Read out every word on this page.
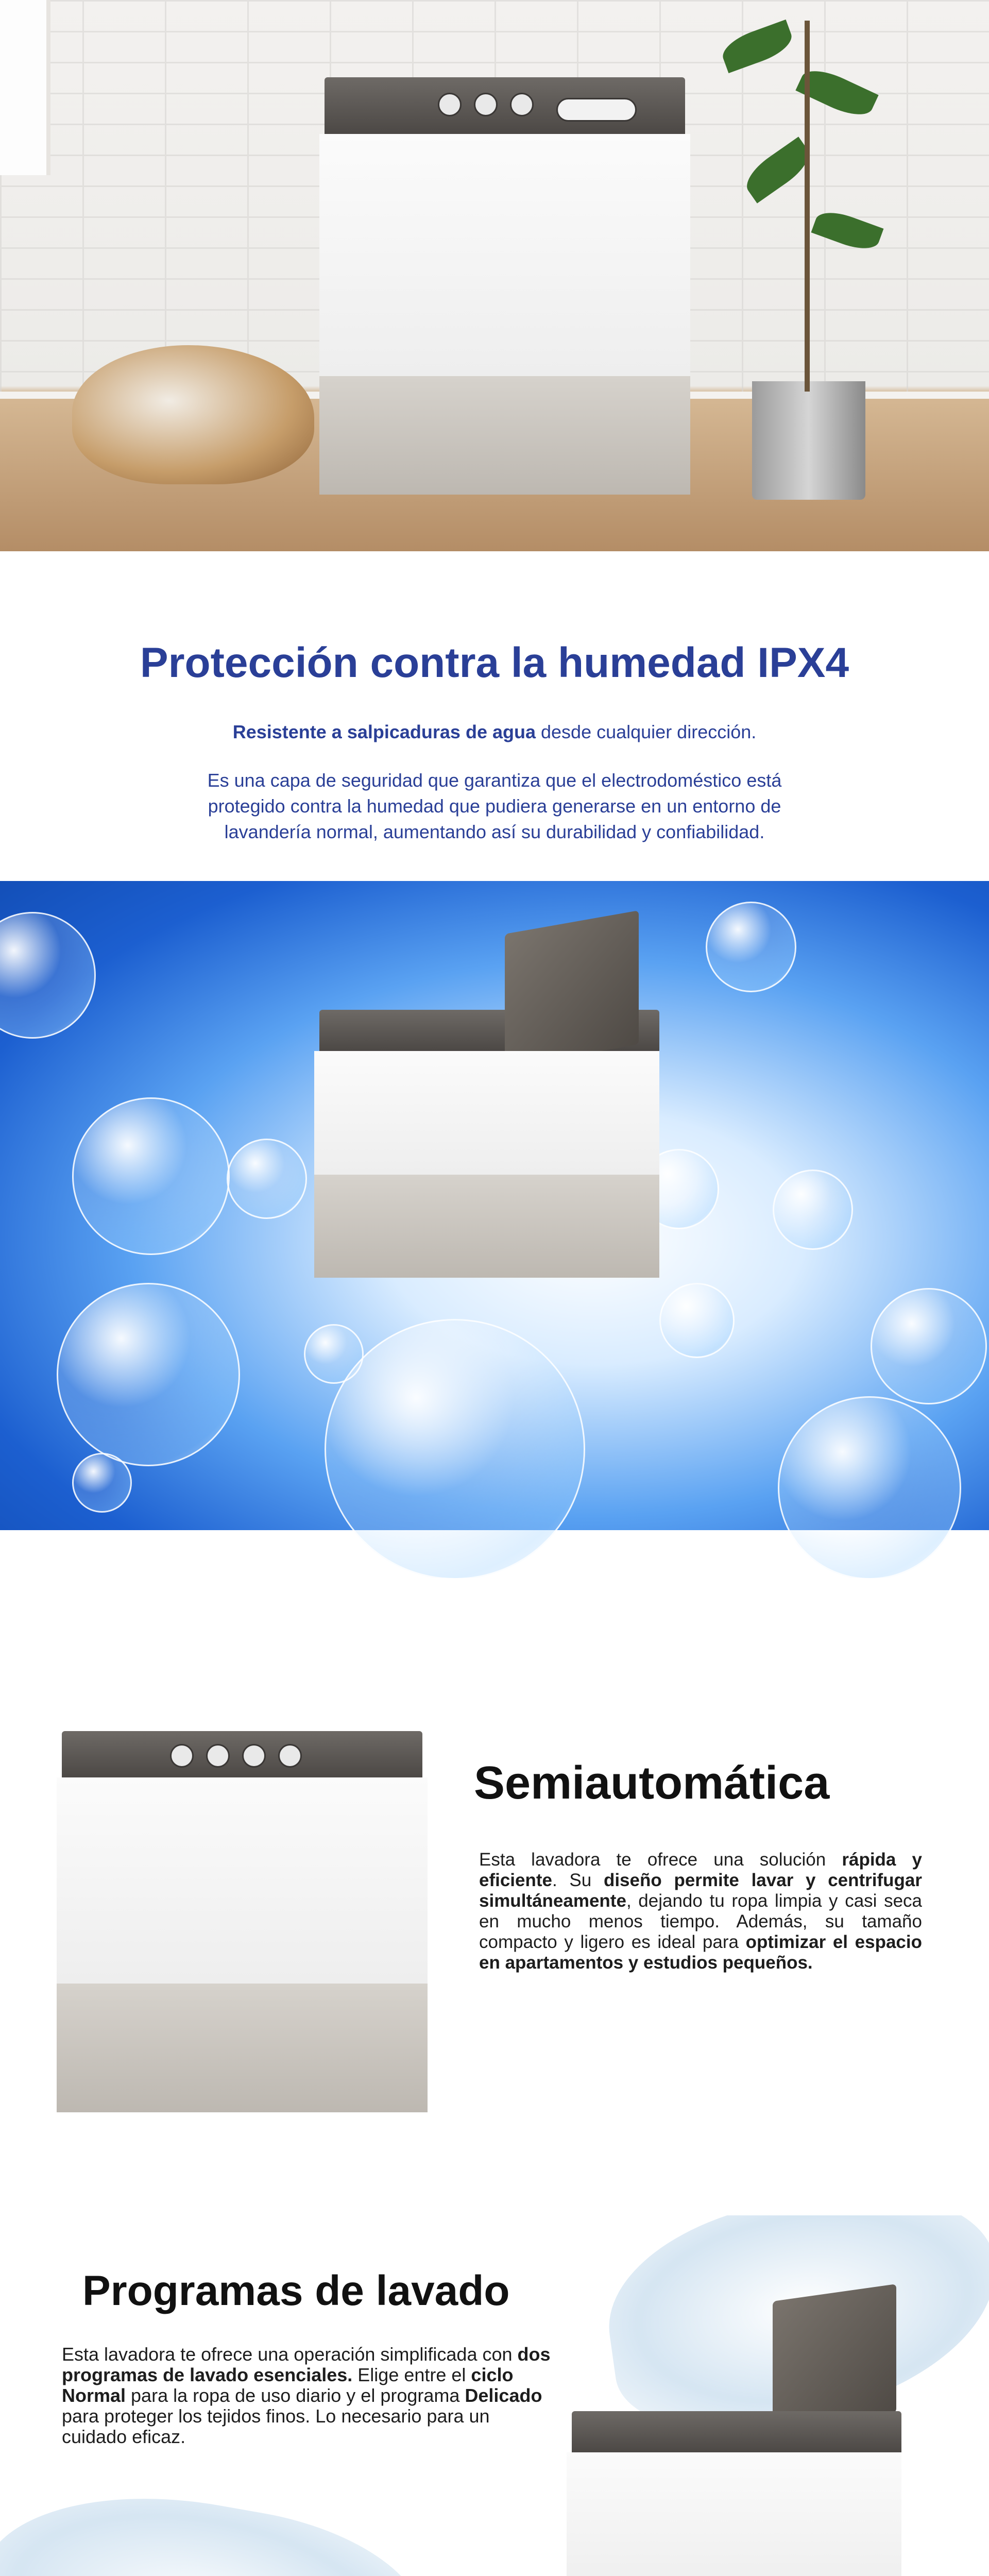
Protección contra la humedad IPX4
Resistente a salpicaduras de agua desde cualquier dirección.
Es una capa de seguridad que garantiza que el electrodoméstico está protegido contra la humedad que pudiera generarse en un entorno de lavandería normal, aumentando así su durabilidad y confiabilidad.
Semiautomática
Esta lavadora te ofrece una solución rápida y eficiente. Su diseño permite lavar y centrifugar simultáneamente, dejando tu ropa limpia y casi seca en mucho menos tiempo. Además, su tamaño compacto y ligero es ideal para optimizar el espacio en apartamentos y estudios pequeños.
Programas de lavado
Esta lavadora te ofrece una operación simplificada con dos programas de lavado esenciales. Elige entre el ciclo Normal para la ropa de uso diario y el programa Delicado para proteger los tejidos finos. Lo necesario para un cuidado eficaz.
